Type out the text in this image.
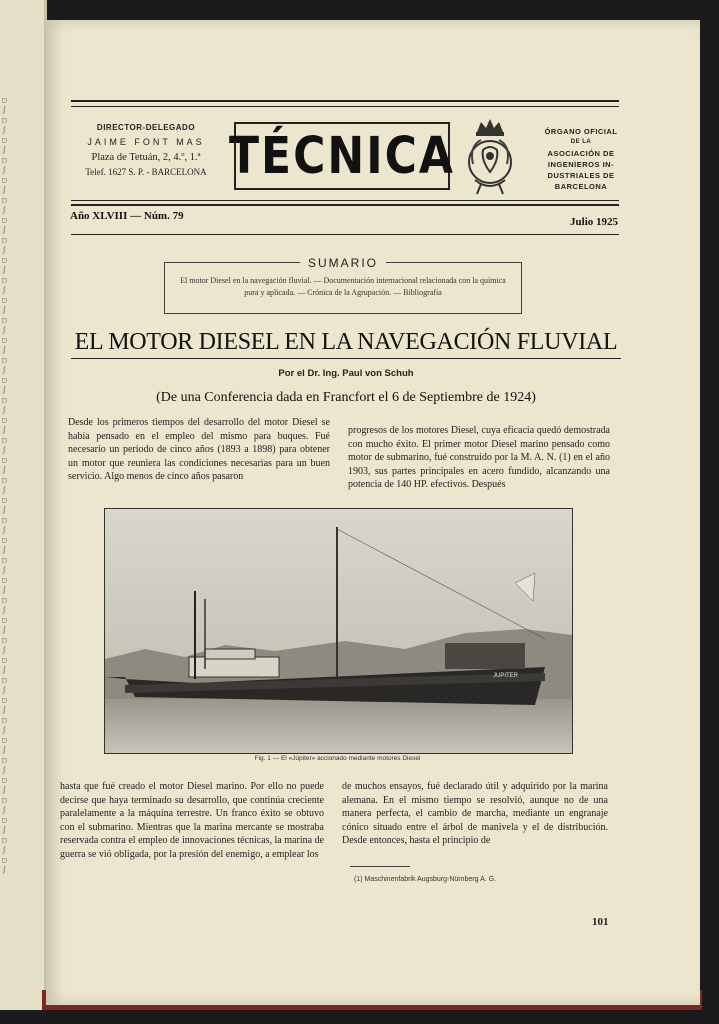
□
ʃ
□
ʃ
□
ʃ
□
ʃ
□
ʃ
□
ʃ
□
ʃ
□
ʃ
□
ʃ
□
ʃ
□
ʃ
□
ʃ
□
ʃ
□
ʃ
□
ʃ
□
ʃ
□
ʃ
□
ʃ
□
ʃ
□
ʃ
□
ʃ
□
ʃ
□
ʃ
□
ʃ
□
ʃ
□
ʃ
□
ʃ
□
ʃ
□
ʃ
□
ʃ
□
ʃ
□
ʃ
□
ʃ
□
ʃ
□
ʃ
□
ʃ
□
ʃ
□
ʃ
□
ʃ
DIRECTOR-DELEGADO
JAIME FONT MAS
Plaza de Tetuán, 2, 4.º, 1.ª
Telef. 1627 S. P. - BARCELONA TÉCNICA	ÓRGANO OFICIAL
DE LA
ASOCIACIÓN DE
INGENIEROS IN-
DUSTRIALES DE
BARCELONA
Año XLVIII — Núm. 79	Julio 1925
SUMARIO
El motor Diesel en la navegación fluvial. — Documentación internacional relacionada con la química pura y aplicada. — Crónica de la Agrupación. — Bibliografía
EL MOTOR DIESEL EN LA NAVEGACIÓN FLUVIAL
Por el Dr. Ing. Paul von Schuh
(De una Conferencia dada en Francfort el 6 de Septiembre de 1924)
Desde los primeros tiempos del desarrollo del motor Diesel se había pensado en el empleo del mismo para buques. Fué necesario un período de cinco años (1893 a 1898) para obtener un motor que reuniera las condiciones necesarias para un buen servicio. Algo menos de cinco años pasaron
progresos de los motores Diesel, cuya eficacia quedó demostrada con mucho éxito. El primer motor Diesel marino pensado como motor de submarino, fué construído por la M. A. N. (1) en el año 1903, sus partes principales en acero fundido, alcanzando una potencia de 140 HP. efectivos. Después
JUPITER
Fig. 1 — El «Júpiter» accionado mediante motores Diesel
hasta que fué creado el motor Diesel marino. Por ello no puede decirse que haya terminado su desarrollo, que continúa creciente paralelamente a la máquina terrestre. Un franco éxito se obtuvo con el submarino. Mientras que la marina mercante se mostraba reservada contra el empleo de innovaciones técnicas, la marina de guerra se vió obligada, por la presión del enemigo, a emplear los
de muchos ensayos, fué declarado útil y adquirido por la marina alemana. En el mismo tiempo se resolvió, aunque no de una manera perfecta, el cambio de marcha, mediante un engranaje cónico situado entre el árbol de manivela y el de distribución. Desde entonces, hasta el principio de
(1) Maschinenfabrik Augsburg-Nürnberg A. G.
101
